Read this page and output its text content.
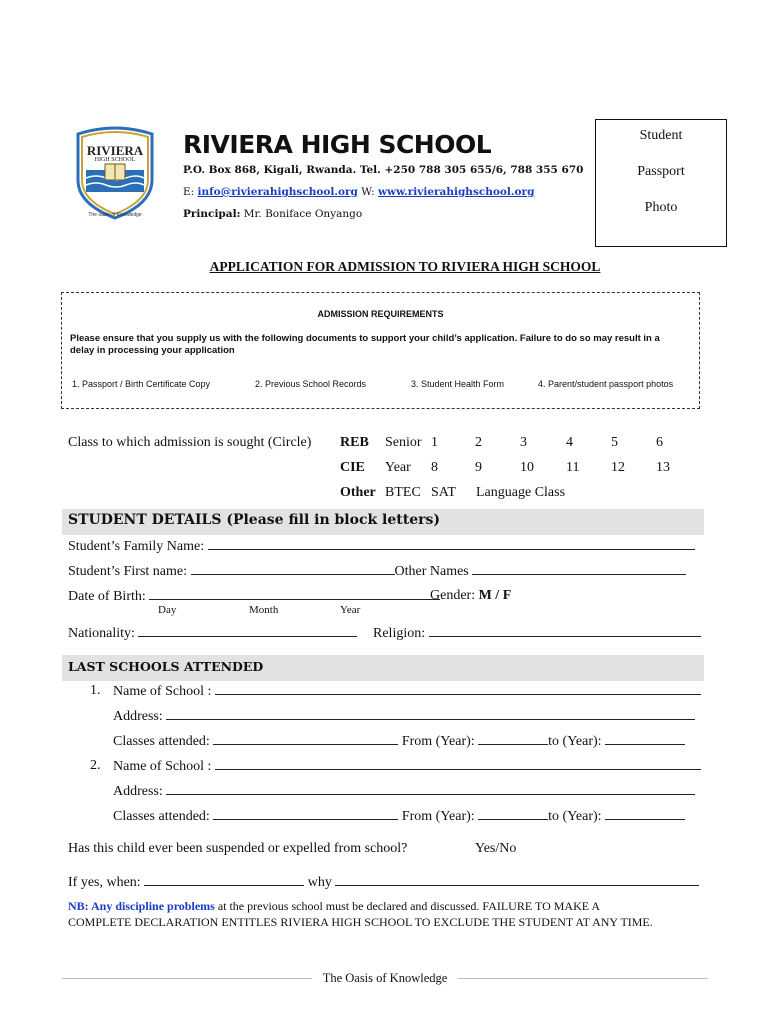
RIVIERA
HIGH SCHOOL
The oasis of Knowledge
RIVIERA HIGH SCHOOL
P.O. Box 868, Kigali, Rwanda. Tel. +250 788 305 655/6, 788 355 670
E: info@rivierahighschool.org W: www.rivierahighschool.org
Principal: Mr. Boniface Onyango
Student
Passport
Photo
APPLICATION FOR ADMISSION TO RIVIERA HIGH SCHOOL
ADMISSION REQUIREMENTS
Please ensure that you supply us with the following documents to support your child’s application. Failure to do so may result in a delay in processing your application
1. Passport / Birth Certificate Copy	2. Previous School Records	3. Student Health Form	4. Parent/student passport photos
Class to which admission is sought (Circle) REB Senior 1	2	3	4	5	6
CIE Year 8	9	10 11 12 13
Other BTEC SAT Language Class
STUDENT DETAILS (Please fill in block letters)
Student’s Family Name:
Student’s First name:	Other Names
Date of Birth:	Gender: M / F
Day	Month	Year
Nationality:	Religion:
LAST SCHOOLS ATTENDED
1. Name of School :
Address:
Classes attended:	From (Year):	to (Year):
2. Name of School :
Address:
Classes attended:	From (Year):	to (Year):
Has this child ever been suspended or expelled from school?	Yes/No
If yes, when:	why
NB: Any discipline problems at the previous school must be declared and discussed. FAILURE TO MAKE A
COMPLETE DECLARATION ENTITLES RIVIERA HIGH SCHOOL TO EXCLUDE THE STUDENT AT ANY TIME.
The Oasis of Knowledge
